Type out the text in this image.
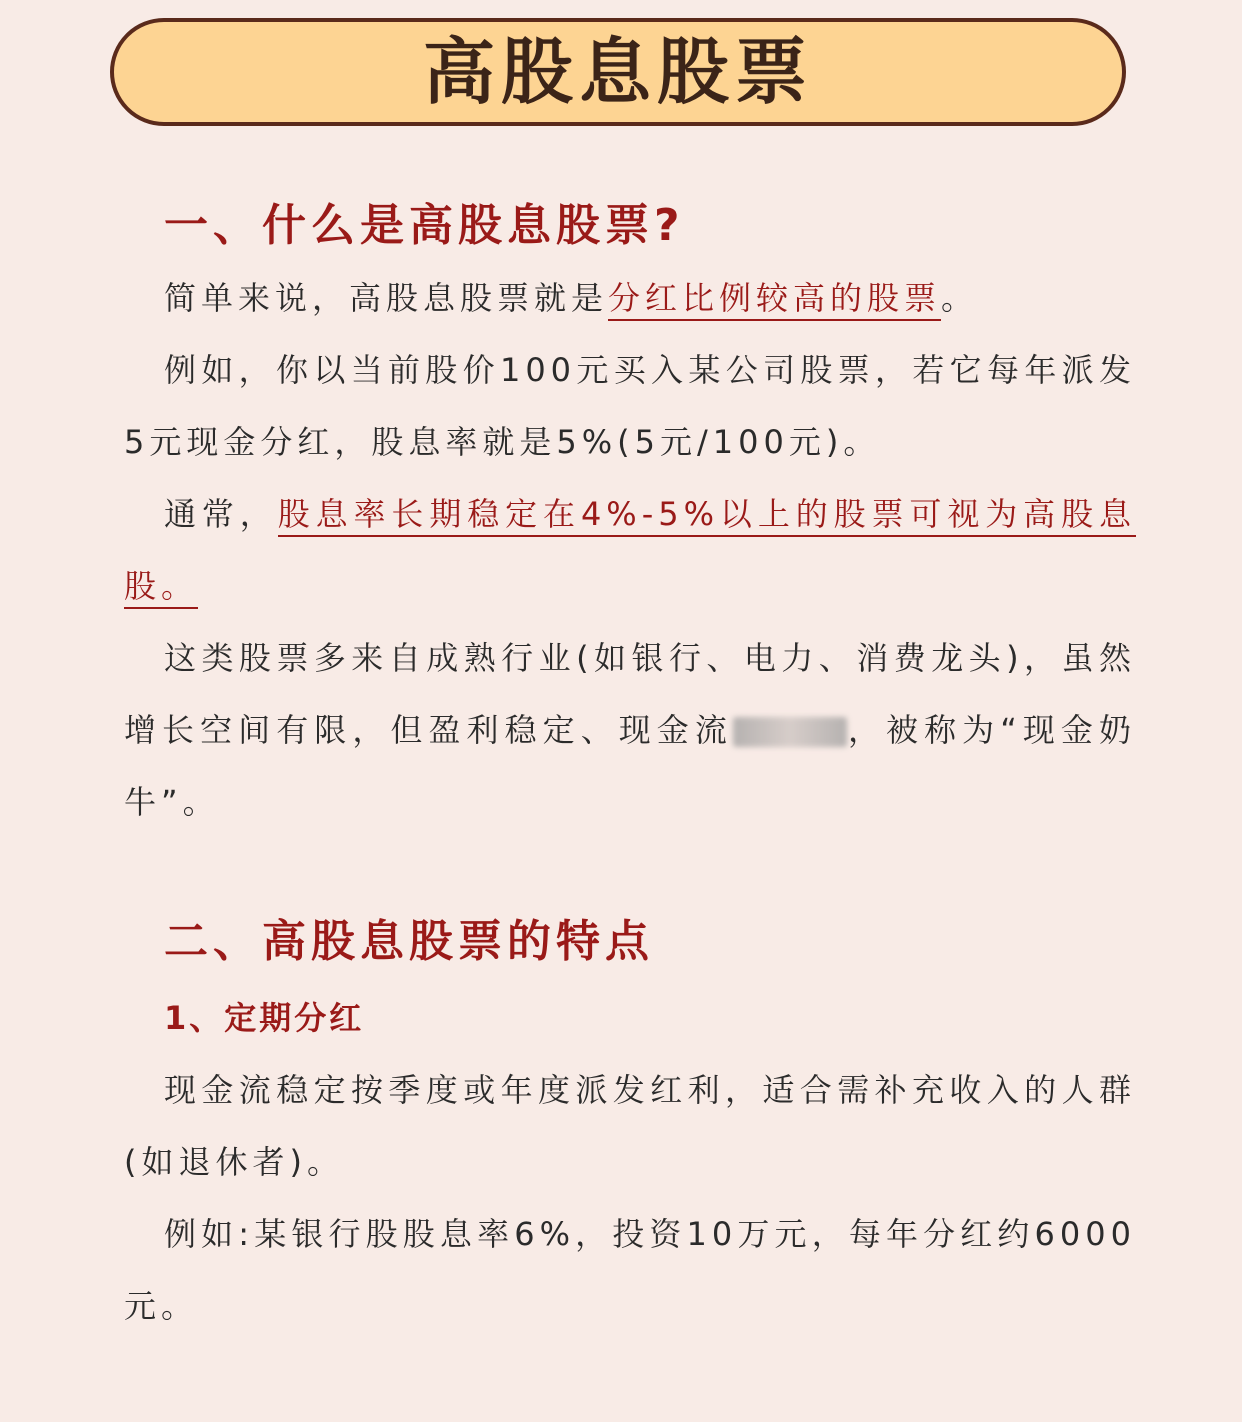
高股息股票
一、什么是高股息股票?

简单来说，高股息股票就是分红比例较高的股票。

例如，你以当前股价100元买入某公司股票，若它每年派发5元现金分红，股息率就是5%(5元/100元)。

通常，股息率长期稳定在4%-5%以上的股票可视为高股息股。

这类股票多来自成熟行业(如银行、电力、消费龙头)，虽然增长空间有限，但盈利稳定、现金流	，被称为“现金奶牛”。

二、高股息股票的特点
1、定期分红

现金流稳定按季度或年度派发红利，适合需补充收入的人群(如退休者)。

例如:某银行股股息率6%，投资10万元，每年分红约6000元。
